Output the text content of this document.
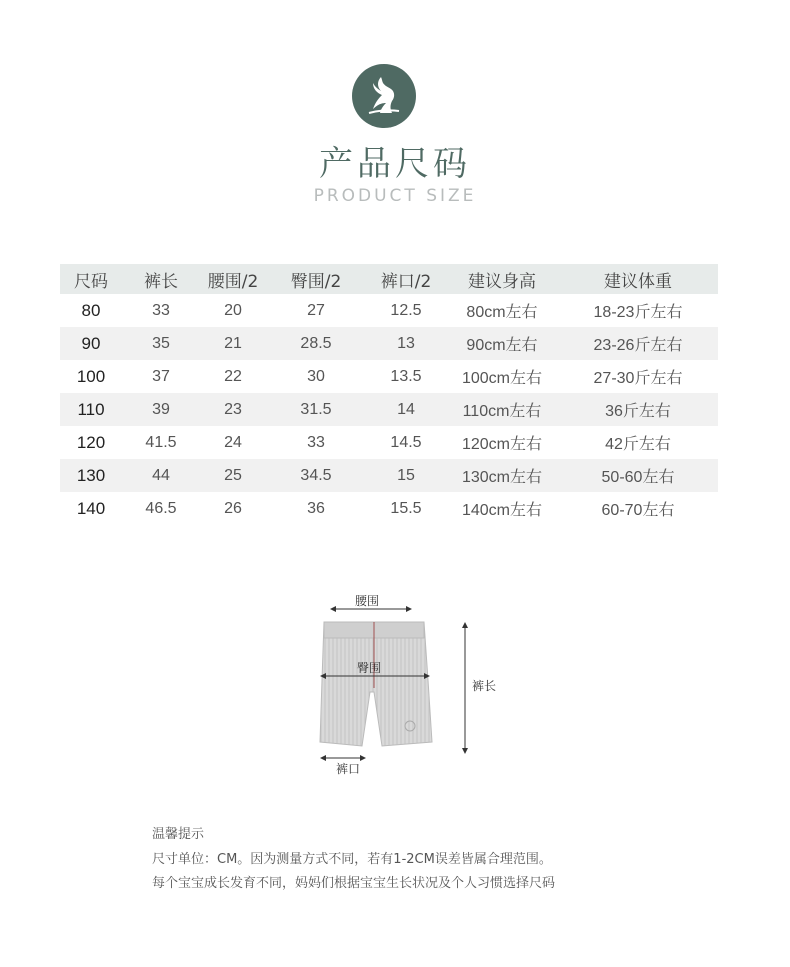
产品尺码
PRODUCT SIZE
尺码	裤长	腰围/2	臀围/2	裤口/2	建议身高	建议体重
80	33	20	27	12.5	80cm左右	18-23斤左右
90	35	21	28.5	13	90cm左右	23-26斤左右
100	37	22	30	13.5	100cm左右	27-30斤左右
110	39	23	31.5	14	110cm左右	36斤左右
120	41.5	24	33	14.5	120cm左右	42斤左右
130	44	25	34.5	15	130cm左右	50-60左右
140	46.5	26	36	15.5	140cm左右	60-70左右
腰围
臀围
裤长
裤口
温馨提示
尺寸单位：CM。因为测量方式不同，若有1-2CM误差皆属合理范围。
每个宝宝成长发育不同，妈妈们根据宝宝生长状况及个人习惯选择尺码
